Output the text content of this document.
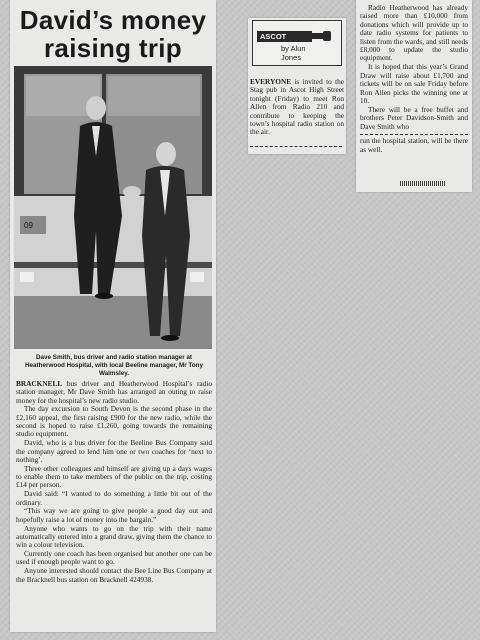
David’s money
raising trip
09

Dave Smith, bus driver and radio station manager at Heatherwood Hospital, with local Beeline manager, Mr Tony Walmsley.

BRACKNELL bus driver and Heatherwood Hospital’s radio station manager, Mr Dave Smith has arranged an outing to raise money for the hospital’s new radio studio.

The day excursion to South Devon is the second phase in the £2,160 appeal, the first raising £900 for the new radio, while the second is hoped to raise £1,260, going towards the remaining studio equipment.

David, who is a bus driver for the Beeline Bus Company said the company agreed to lend him one or two coaches for ‘next to nothing’.

Three other colleagues and himself are giving up a days wages to enable them to take members of the public on the trip, costing £14 per person.

David said: “I wanted to do something a little bit out of the ordinary.

“This way we are going to give people a good day out and hopefully raise a lot of money into the bargain.”

Anyone who wants to go on the trip with their name automatically entered into a grand draw, giving them the chance to win a colour television.

Currently one coach has been organised but another one can be used if enough people want to go.

Anyone interested should contact the Bee Line Bus Company at the Bracknell bus station on Bracknell 424938.

ASCOT

by Alun
Jones
EVERYONE is invited to the Stag pub in Ascot High Street tonight (Friday) to meet Ron Allen from Radio 210 and contribute to keeping the town’s hospital radio station on the air.

Radio Heatherwood has already raised more than £10,000 from donations which will provide up to date radio systems for patients to listen from the wards, and still needs £8,000 to update the studio equipment.

It is hoped that this year’s Grand Draw will raise about £1,700 and tickets will be on sale Friday before Ron Allen picks the winning one at 10.

There will be a free buffet and brothers Peter Davidson-Smith and Dave Smith who

run the hospital station, will be there as well.
